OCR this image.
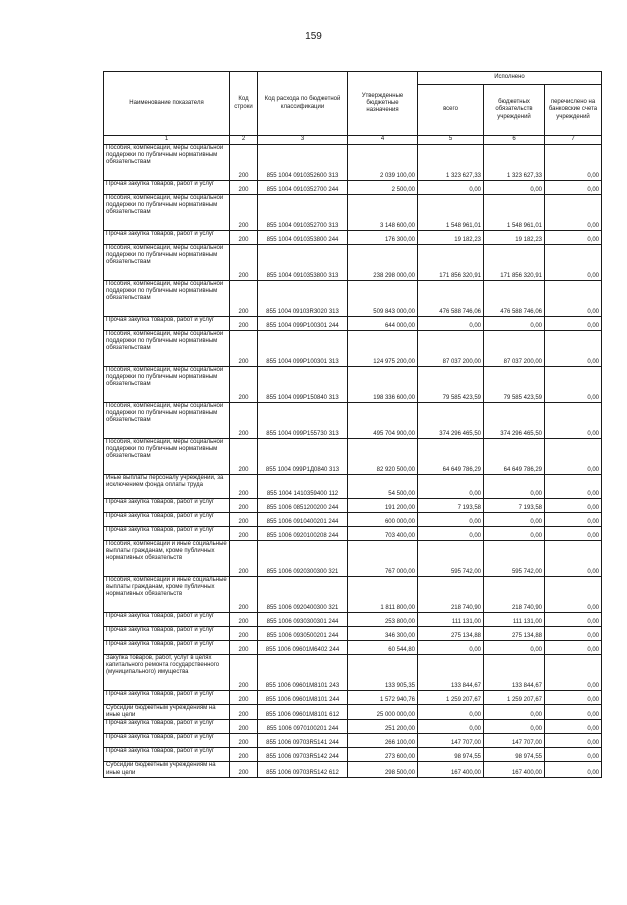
159
Наименование показателя	Код строки	Код расхода по бюджетной классификации	Утвержденные бюджетные назначения	Исполнено		
				всего	бюджетных обязательств учреждений	перечислено на банковские счета учреждений
1	2	3	4	5	6	7
Пособия, компенсации, меры социальной поддержки по публичным нормативным обязательствам	200	855 1004 0910352600 313	2 039 100,00	1 323 627,33	1 323 627,33	0,00
Прочая закупка товаров, работ и услуг	200	855 1004 0910352700 244	2 500,00	0,00	0,00	0,00
Пособия, компенсации, меры социальной поддержки по публичным нормативным обязательствам	200	855 1004 0910352700 313	3 148 600,00	1 548 961,01	1 548 961,01	0,00
Прочая закупка товаров, работ и услуг	200	855 1004 0910353800 244	176 300,00	19 182,23	19 182,23	0,00
Пособия, компенсации, меры социальной поддержки по публичным нормативным обязательствам	200	855 1004 0910353800 313	238 298 000,00	171 856 320,91	171 856 320,91	0,00
Пособия, компенсации, меры социальной поддержки по публичным нормативным обязательствам	200	855 1004 09103R3020 313	509 843 000,00	476 588 746,06	476 588 746,06	0,00
Прочая закупка товаров, работ и услуг	200	855 1004 099P100301 244	644 000,00	0,00	0,00	0,00
Пособия, компенсации, меры социальной поддержки по публичным нормативным обязательствам	200	855 1004 099P100301 313	124 975 200,00	87 037 200,00	87 037 200,00	0,00
Пособия, компенсации, меры социальной поддержки по публичным нормативным обязательствам	200	855 1004 099P150840 313	198 336 600,00	79 585 423,59	79 585 423,59	0,00
Пособия, компенсации, меры социальной поддержки по публичным нормативным обязательствам	200	855 1004 099P155730 313	495 704 900,00	374 296 465,50	374 296 465,50	0,00
Пособия, компенсации, меры социальной поддержки по публичным нормативным обязательствам	200	855 1004 099P1Д0840 313	82 920 500,00	64 649 786,29	64 649 786,29	0,00
Иные выплаты персоналу учреждений, за исключением фонда оплаты труда	200	855 1004 1410359400 112	54 500,00	0,00	0,00	0,00
Прочая закупка товаров, работ и услуг	200	855 1006 0851200200 244	191 200,00	7 193,58	7 193,58	0,00
Прочая закупка товаров, работ и услуг	200	855 1006 0910400201 244	600 000,00	0,00	0,00	0,00
Прочая закупка товаров, работ и услуг	200	855 1006 0920100208 244	703 400,00	0,00	0,00	0,00
Пособия, компенсации и иные социальные выплаты гражданам, кроме публичных нормативных обязательств	200	855 1006 0920300300 321	767 000,00	595 742,00	595 742,00	0,00
Пособия, компенсации и иные социальные выплаты гражданам, кроме публичных нормативных обязательств	200	855 1006 0920400300 321	1 811 800,00	218 740,90	218 740,90	0,00
Прочая закупка товаров, работ и услуг	200	855 1006 0930300301 244	253 800,00	111 131,00	111 131,00	0,00
Прочая закупка товаров, работ и услуг	200	855 1006 0930500201 244	346 300,00	275 134,88	275 134,88	0,00
Прочая закупка товаров, работ и услуг	200	855 1006 09601M6402 244	60 544,80	0,00	0,00	0,00
Закупка товаров, работ, услуг в целях капитального ремонта государственного (муниципального) имущества	200	855 1006 09601M8101 243	133 905,35	133 844,67	133 844,67	0,00
Прочая закупка товаров, работ и услуг	200	855 1006 09601M8101 244	1 572 940,76	1 259 207,67	1 259 207,67	0,00
Субсидии бюджетным учреждениям на иные цели	200	855 1006 09601M8101 612	25 000 000,00	0,00	0,00	0,00
Прочая закупка товаров, работ и услуг	200	855 1006 0970100201 244	251 200,00	0,00	0,00	0,00
Прочая закупка товаров, работ и услуг	200	855 1006 09703R5141 244	266 100,00	147 707,00	147 707,00	0,00
Прочая закупка товаров, работ и услуг	200	855 1006 09703R5142 244	273 600,00	98 974,55	98 974,55	0,00
Субсидии бюджетным учреждениям на иные цели	200	855 1006 09703R5142 612	298 500,00	167 400,00	167 400,00	0,00
